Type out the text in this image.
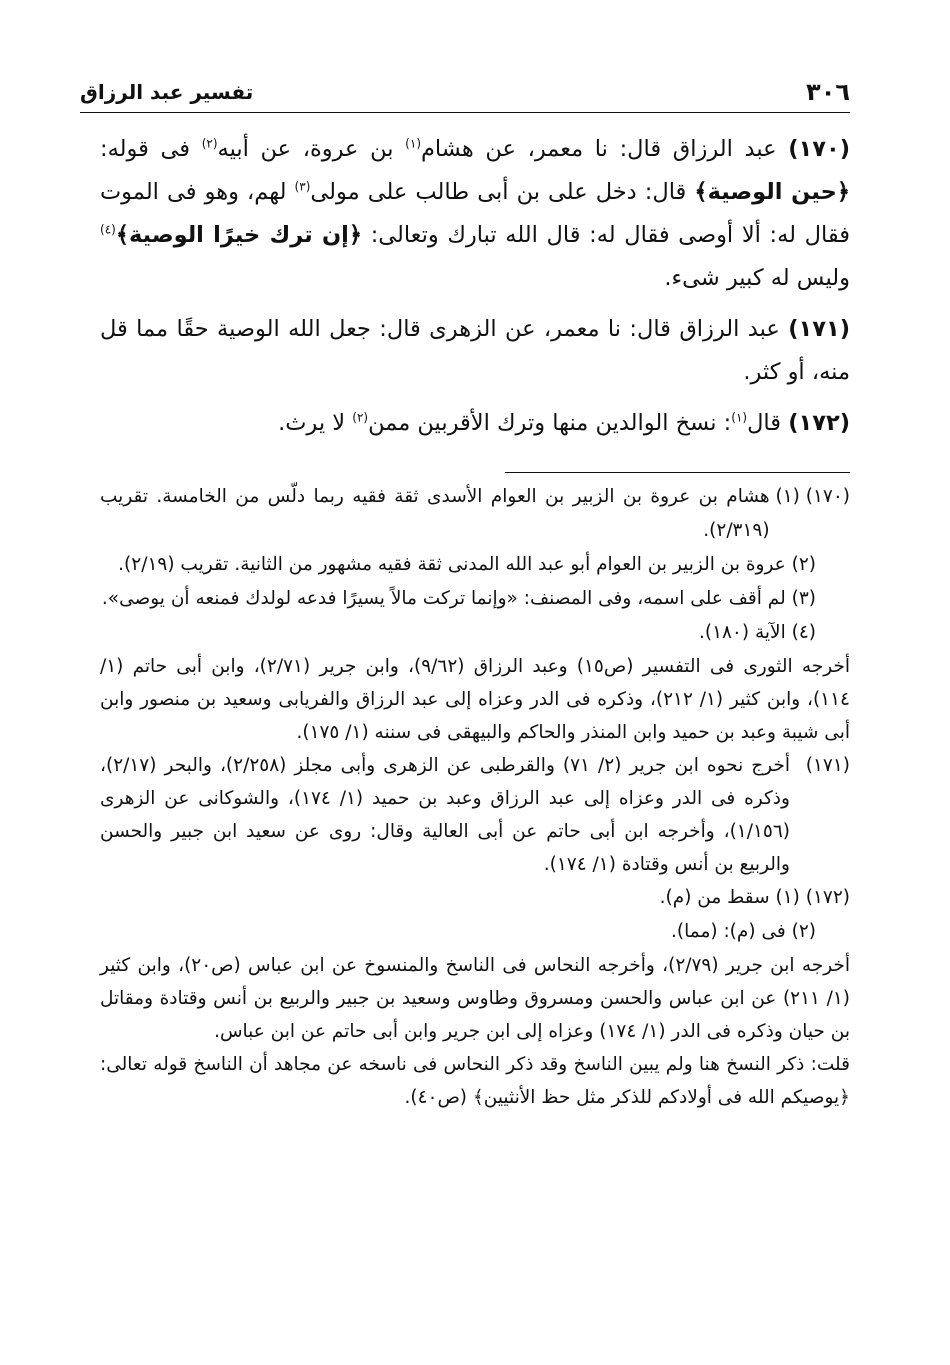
٣٠٦
تفسير عبد الرزاق

(١٧٠) عبد الرزاق قال: نا معمر، عن هشام$^{(١)}$ بن عروة، عن أبيه$^{(٢)}$ فى قوله: ﴿حين الوصية﴾ قال: دخل على بن أبى طالب على مولى$^{(٣)}$ لهم، وهو فى الموت فقال له: ألا أوصى فقال له: قال الله تبارك وتعالى: ﴿إن ترك خيرًا الوصية﴾$^{(٤)}$ وليس له كبير شىء.

(١٧١) عبد الرزاق قال: نا معمر، عن الزهرى قال: جعل الله الوصية حقًا مما قل منه، أو كثر.

(١٧٢) قال$^{(١)}$: نسخ الوالدين منها وترك الأقربين ممن$^{(٢)}$ لا يرث.

(١٧٠) (١)
هشام بن عروة بن الزبير بن العوام الأسدى ثقة فقيه ربما دلّس من الخامسة. تقريب (٢/٣١٩).
(٢)
عروة بن الزبير بن العوام أبو عبد الله المدنى ثقة فقيه مشهور من الثانية. تقريب (٢/١٩).
(٣)
لم أقف على اسمه، وفى المصنف: «وإنما تركت مالاً يسيرًا فدعه لولدك فمنعه أن يوصى».
(٤)
الآية (١٨٠).
أخرجه الثورى فى التفسير (ص١٥) وعبد الرزاق (٩/٦٢)، وابن جرير (٢/٧١)، وابن أبى حاتم (١/ ١١٤)، وابن كثير (١/ ٢١٢)، وذكره فى الدر وعزاه إلى عبد الرزاق والفريابى وسعيد بن منصور وابن أبى شيبة وعبد بن حميد وابن المنذر والحاكم والبيهقى فى سننه (١/ ١٧٥).
(١٧١)
أخرج نحوه ابن جرير (٢/ ٧١) والقرطبى عن الزهرى وأبى مجلز (٢/٢٥٨)، والبحر (٢/١٧)، وذكره فى الدر وعزاه إلى عبد الرزاق وعبد بن حميد (١/ ١٧٤)، والشوكانى عن الزهرى (١/١٥٦)، وأخرجه ابن أبى حاتم عن أبى العالية وقال: روى عن سعيد ابن جبير والحسن والربيع بن أنس وقتادة (١/ ١٧٤).
(١٧٢) (١)
سقط من (م).
(٢)
فى (م): (مما).
أخرجه ابن جرير (٢/٧٩)، وأخرجه النحاس فى الناسخ والمنسوخ عن ابن عباس (ص٢٠)، وابن كثير (١/ ٢١١) عن ابن عباس والحسن ومسروق وطاوس وسعيد بن جبير والربيع بن أنس وقتادة ومقاتل بن حيان وذكره فى الدر (١/ ١٧٤) وعزاه إلى ابن جرير وابن أبى حاتم عن ابن عباس.
قلت: ذكر النسخ هنا ولم يبين الناسخ وقد ذكر النحاس فى ناسخه عن مجاهد أن الناسخ قوله تعالى: ﴿يوصيكم الله فى أولادكم للذكر مثل حظ الأنثيين﴾ (ص٤٠).
